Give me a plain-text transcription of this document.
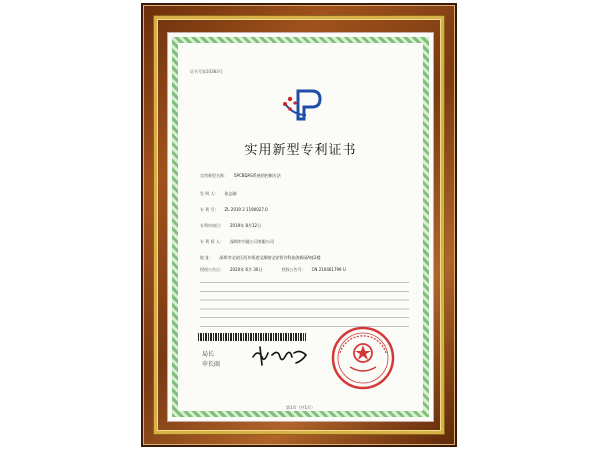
证书号第10383号
实用新型专利证书
实用新型名称： 5PCBDAS系统的控制方法
发 明 人： 张志刚
专 利 号： ZL 2019 2 1190027.0
专利申请日： 2019年 8月12日
专 利 权 人： 深圳市兴能公司有限公司
地 址： 深圳市宝安区西乡街道宝源路宝安智谷科技创新园A座2楼
授权公告日： 2020年 6月 30日	授权公告号： CN 210461799 U
局长
申长雨
第1页（共1页）
